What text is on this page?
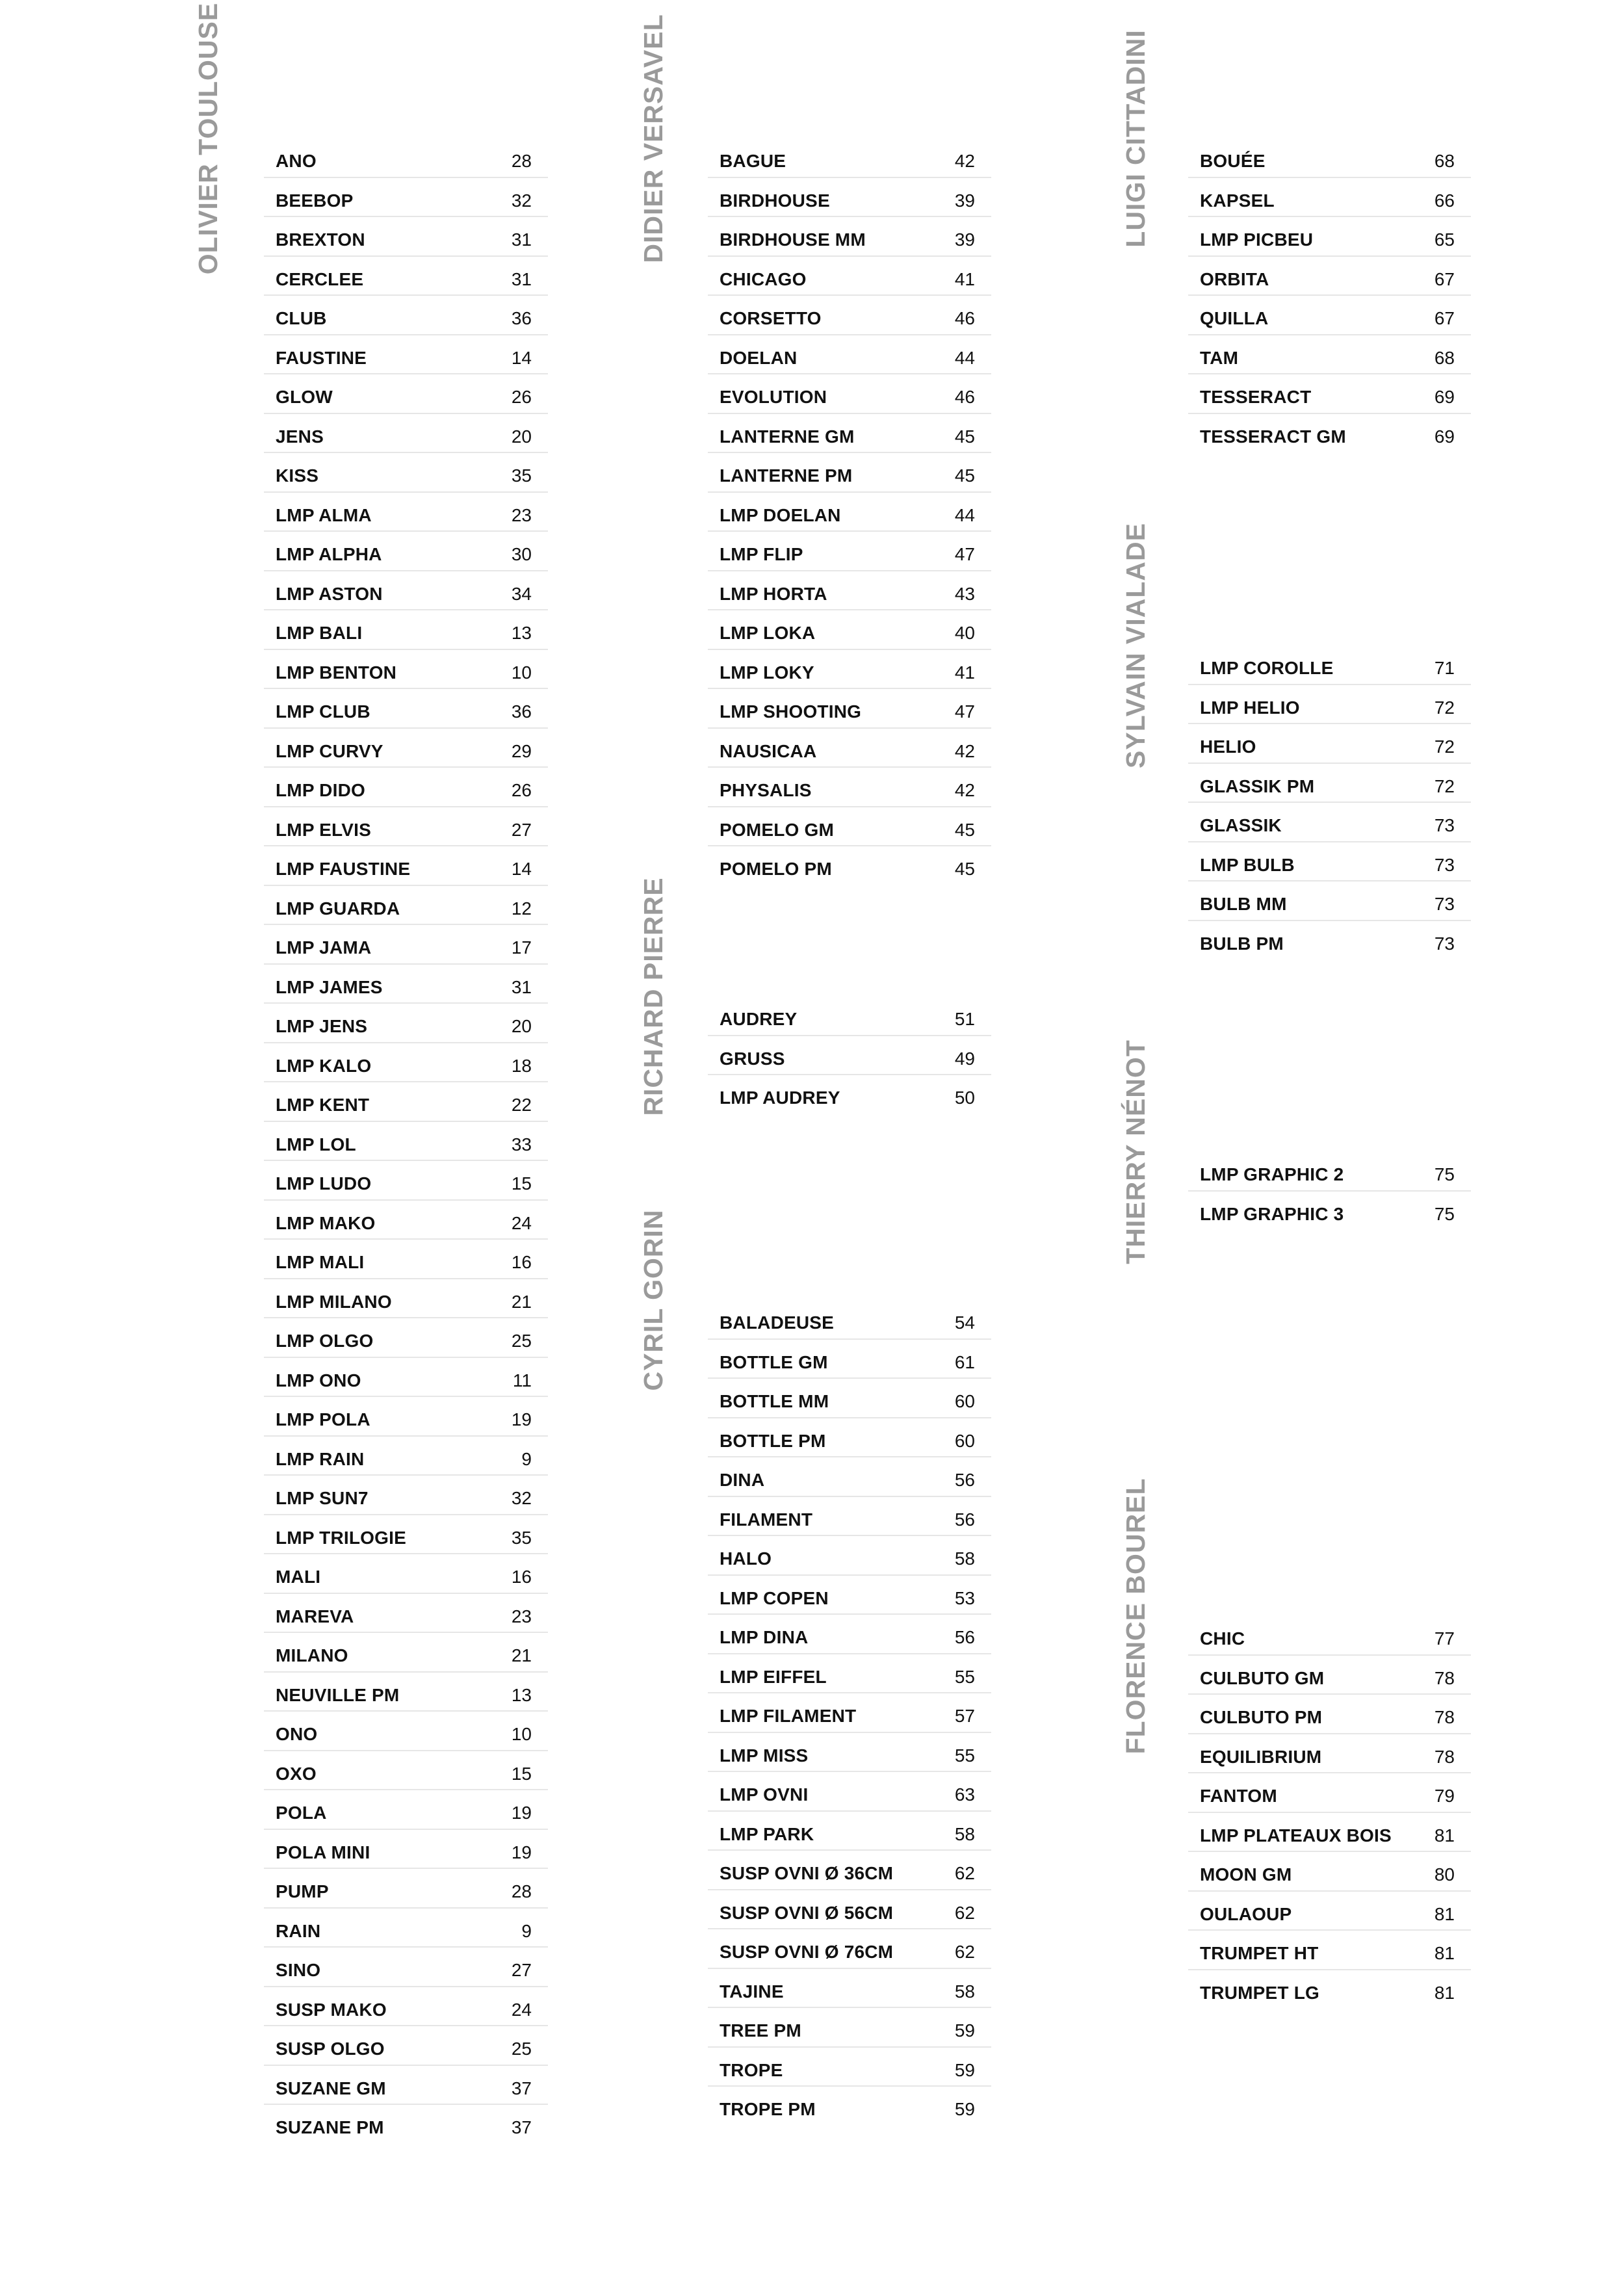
OLIVIER TOULOUSE	ANO	28
BEEBOP	32
BREXTON	31
CERCLEE	31
CLUB	36
FAUSTINE	14
GLOW	26
JENS	20
KISS	35
LMP ALMA	23
LMP ALPHA	30
LMP ASTON	34
LMP BALI	13
LMP BENTON	10
LMP CLUB	36
LMP CURVY	29
LMP DIDO	26
LMP ELVIS	27
LMP FAUSTINE	14
LMP GUARDA	12
LMP JAMA	17
LMP JAMES	31
LMP JENS	20
LMP KALO	18
LMP KENT	22
LMP LOL	33
LMP LUDO	15
LMP MAKO	24
LMP MALI	16
LMP MILANO	21
LMP OLGO	25
LMP ONO	11
LMP POLA	19
LMP RAIN	9
LMP SUN7	32
LMP TRILOGIE	35
MALI	16
MAREVA	23
MILANO	21
NEUVILLE PM	13
ONO	10
OXO	15
POLA	19
POLA MINI	19
PUMP	28
RAIN	9
SINO	27
SUSP MAKO	24
SUSP OLGO	25
SUZANE GM	37
SUZANE PM	37
DIDIER VERSAVEL	BAGUE	42
BIRDHOUSE	39
BIRDHOUSE MM	39
CHICAGO	41
CORSETTO	46
DOELAN	44
EVOLUTION	46
LANTERNE GM	45
LANTERNE PM	45
LMP DOELAN	44
LMP FLIP	47
LMP HORTA	43
LMP LOKA	40
LMP LOKY	41
LMP SHOOTING	47
NAUSICAA	42
PHYSALIS	42
POMELO GM	45
POMELO PM	45
RICHARD PIERRE	AUDREY	51
GRUSS	49
LMP AUDREY	50
CYRIL GORIN	BALADEUSE	54
BOTTLE GM	61
BOTTLE MM	60
BOTTLE PM	60
DINA	56
FILAMENT	56
HALO	58
LMP COPEN	53
LMP DINA	56
LMP EIFFEL	55
LMP FILAMENT	57
LMP MISS	55
LMP OVNI	63
LMP PARK	58
SUSP OVNI Ø 36CM	62
SUSP OVNI Ø 56CM	62
SUSP OVNI Ø 76CM	62
TAJINE	58
TREE PM	59
TROPE	59
TROPE PM	59
LUIGI CITTADINI	BOUÉE	68
KAPSEL	66
LMP PICBEU	65
ORBITA	67
QUILLA	67
TAM	68
TESSERACT	69
TESSERACT GM	69
SYLVAIN VIALADE	LMP COROLLE	71
LMP HELIO	72
HELIO	72
GLASSIK PM	72
GLASSIK	73
LMP BULB	73
BULB MM	73
BULB PM	73
THIERRY NÉNOT	LMP GRAPHIC 2	75
LMP GRAPHIC 3	75
FLORENCE BOUREL	CHIC	77
CULBUTO GM	78
CULBUTO PM	78
EQUILIBRIUM	78
FANTOM	79
LMP PLATEAUX BOIS 81
MOON GM	80
OULAOUP	81
TRUMPET HT	81
TRUMPET LG	81
